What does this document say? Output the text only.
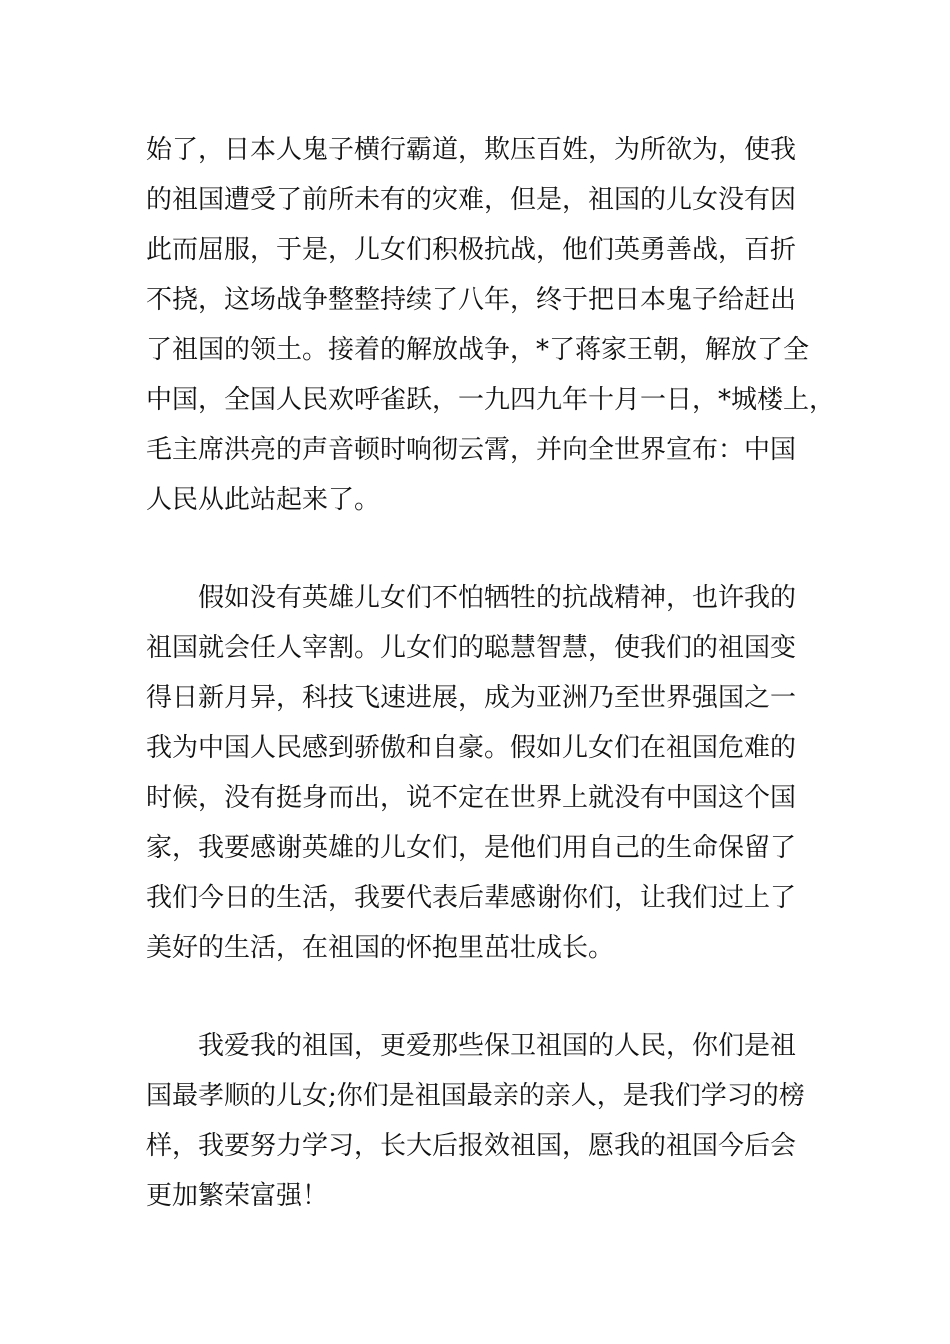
始了，日本人鬼子横行霸道，欺压百姓，为所欲为，使我
的祖国遭受了前所未有的灾难，但是，祖国的儿女没有因
此而屈服，于是，儿女们积极抗战，他们英勇善战，百折
不挠，这场战争整整持续了八年，终于把日本鬼子给赶出
了祖国的领土。接着的解放战争，*了蒋家王朝，解放了全
中国，全国人民欢呼雀跃，一九四九年十月一日，*城楼上，
毛主席洪亮的声音顿时响彻云霄，并向全世界宣布：中国
人民从此站起来了。
　　假如没有英雄儿女们不怕牺牲的抗战精神，也许我的
祖国就会任人宰割。儿女们的聪慧智慧，使我们的祖国变
得日新月异，科技飞速进展，成为亚洲乃至世界强国之一
我为中国人民感到骄傲和自豪。假如儿女们在祖国危难的
时候，没有挺身而出，说不定在世界上就没有中国这个国
家，我要感谢英雄的儿女们，是他们用自己的生命保留了
我们今日的生活，我要代表后辈感谢你们，让我们过上了
美好的生活，在祖国的怀抱里茁壮成长。
　　我爱我的祖国，更爱那些保卫祖国的人民，你们是祖
国最孝顺的儿女;你们是祖国最亲的亲人，是我们学习的榜
样，我要努力学习，长大后报效祖国，愿我的祖国今后会
更加繁荣富强！
